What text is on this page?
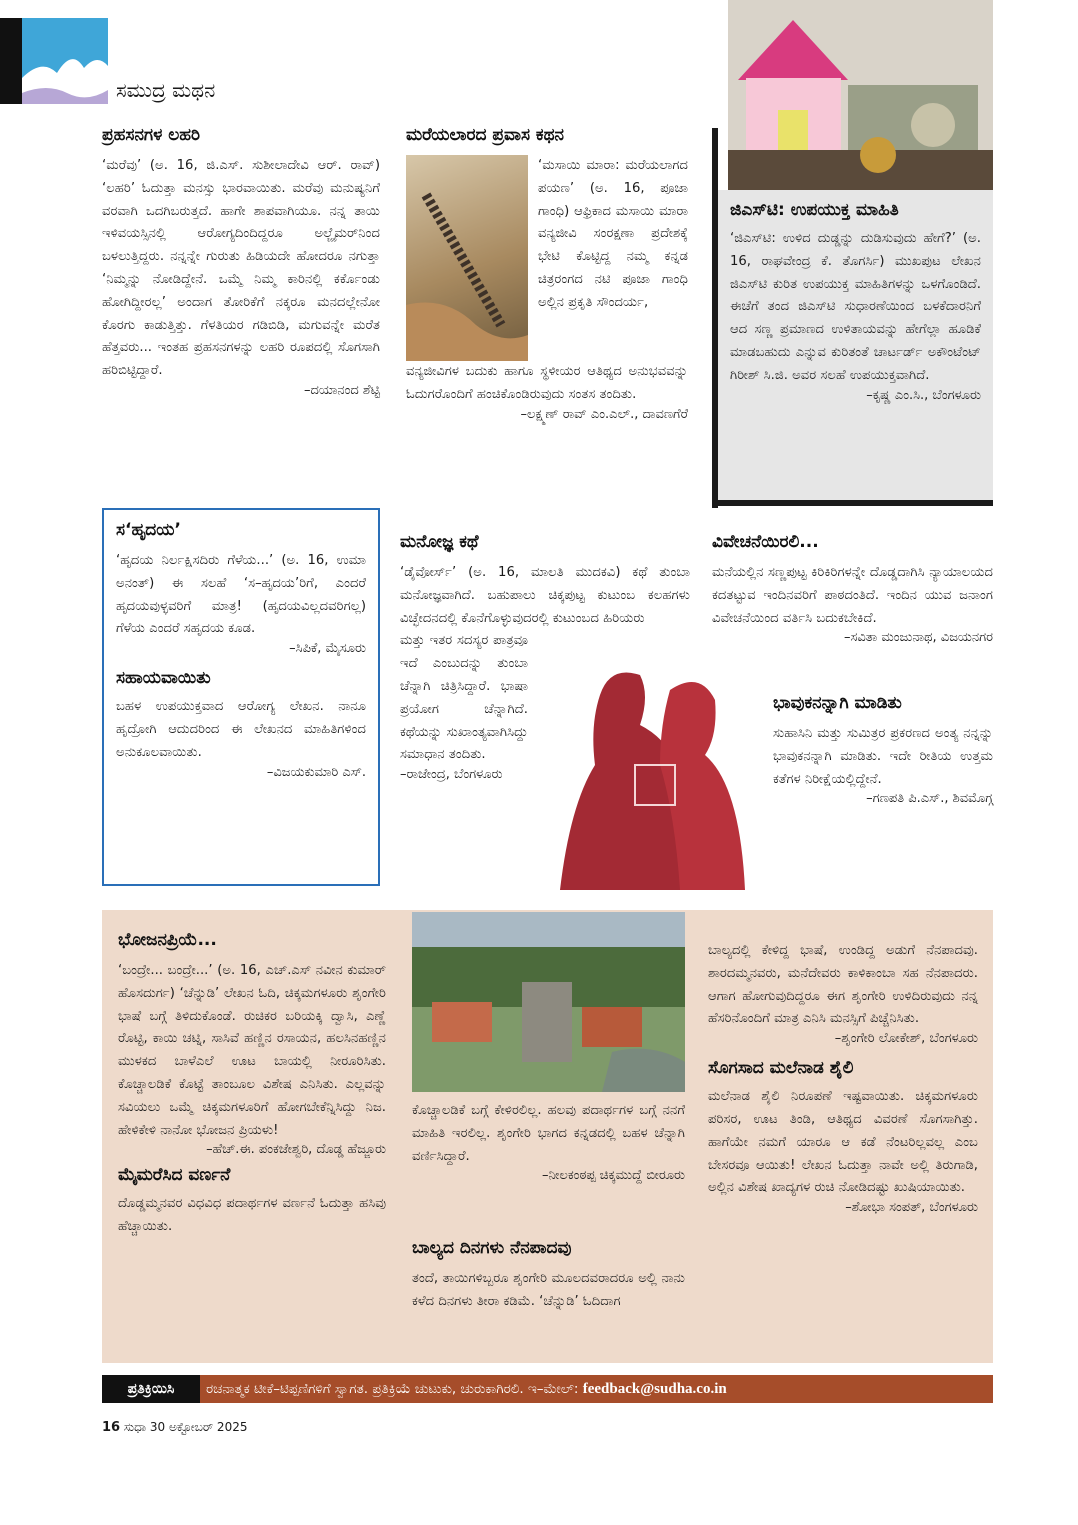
ಸಮುದ್ರ ಮಥನ

ಪ್ರಹಸನಗಳ ಲಹರಿ

‘ಮರೆವು’ (ಅ. 16, ಜಿ.ಎಸ್. ಸುಶೀಲಾದೇವಿ ಆರ್. ರಾವ್) ‘ಲಹರಿ’ ಓದುತ್ತಾ ಮನಸ್ಸು ಭಾರವಾಯಿತು. ಮರೆವು ಮನುಷ್ಯನಿಗೆ ವರವಾಗಿ ಒದಗಿಬರುತ್ತದೆ. ಹಾಗೇ ಶಾಪವಾಗಿಯೂ. ನನ್ನ ತಾಯಿ ಇಳಿವಯಸ್ಸಿನಲ್ಲಿ ಆರೋಗ್ಯದಿಂದಿದ್ದರೂ ಅಲ್ಜೈಮರ್‌ನಿಂದ ಬಳಲುತ್ತಿದ್ದರು. ನನ್ನನ್ನೇ ಗುರುತು ಹಿಡಿಯದೇ ಹೋದರೂ ನಗುತ್ತಾ ‘ನಿಮ್ಮನ್ನು ನೋಡಿದ್ದೇನೆ. ಒಮ್ಮೆ ನಿಮ್ಮ ಕಾರಿನಲ್ಲಿ ಕರ್ಕೊಂಡು ಹೋಗಿದ್ದೀರಲ್ಲ’ ಅಂದಾಗ ತೋರಿಕೆಗೆ ನಕ್ಕರೂ ಮನದಲ್ಲೇನೋ ಕೊರಗು ಕಾಡುತ್ತಿತ್ತು. ಗೆಳತಿಯರ ಗಡಿಬಿಡಿ, ಮಗುವನ್ನೇ ಮರೆತ ಹೆತ್ತವರು... ಇಂತಹ ಪ್ರಹಸನಗಳನ್ನು ಲಹರಿ ರೂಪದಲ್ಲಿ ಸೊಗಸಾಗಿ ಹರಿಬಿಟ್ಟಿದ್ದಾರೆ.

–ದಯಾನಂದ ಶೆಟ್ಟಿ

ಮರೆಯಲಾರದ ಪ್ರವಾಸ ಕಥನ

‘ಮಸಾಯಿ ಮಾರಾ: ಮರೆಯಲಾಗದ ಪಯಣ’ (ಅ. 16, ಪೂಜಾ ಗಾಂಧಿ) ಆಫ್ರಿಕಾದ ಮಸಾಯಿ ಮಾರಾ ವನ್ಯಜೀವಿ ಸಂರಕ್ಷಣಾ ಪ್ರದೇಶಕ್ಕೆ ಭೇಟಿ ಕೊಟ್ಟಿದ್ದ ನಮ್ಮ ಕನ್ನಡ ಚಿತ್ರರಂಗದ ನಟಿ ಪೂಜಾ ಗಾಂಧಿ ಅಲ್ಲಿನ ಪ್ರಕೃತಿ ಸೌಂದರ್ಯ,

ವನ್ಯಜೀವಿಗಳ ಬದುಕು ಹಾಗೂ ಸ್ಥಳೀಯರ ಆತಿಥ್ಯದ ಅನುಭವವನ್ನು ಓದುಗರೊಂದಿಗೆ ಹಂಚಿಕೊಂಡಿರುವುದು ಸಂತಸ ತಂದಿತು.

–ಲಕ್ಷ್ಮಣ್ ರಾವ್ ಎಂ.ಎಲ್., ದಾವಣಗೆರೆ

ಜಿಎಸ್‌ಟಿ: ಉಪಯುಕ್ತ ಮಾಹಿತಿ

‘ಜಿಎಸ್‌ಟಿ: ಉಳಿದ ದುಡ್ಡನ್ನು ದುಡಿಸುವುದು ಹೇಗೆ?’ (ಅ. 16, ರಾಘವೇಂದ್ರ ಕೆ. ತೊಗರ್ಸಿ) ಮುಖಪುಟ ಲೇಖನ ಜಿಎಸ್‌ಟಿ ಕುರಿತ ಉಪಯುಕ್ತ ಮಾಹಿತಿಗಳನ್ನು ಒಳಗೊಂಡಿದೆ. ಈಚೆಗೆ ತಂದ ಜಿಎಸ್‌ಟಿ ಸುಧಾರಣೆಯಿಂದ ಬಳಕೆದಾರನಿಗೆ ಆದ ಸಣ್ಣ ಪ್ರಮಾಣದ ಉಳಿತಾಯವನ್ನು ಹೇಗೆಲ್ಲಾ ಹೂಡಿಕೆ ಮಾಡಬಹುದು ಎನ್ನುವ ಕುರಿತಂತೆ ಚಾರ್ಟರ್ಡ್ ಅಕೌಂಟೆಂಟ್ ಗಿರೀಶ್ ಸಿ.ಜಿ. ಅವರ ಸಲಹೆ ಉಪಯುಕ್ತವಾಗಿದೆ.

–ಕೃಷ್ಣ ಎಂ.ಸಿ., ಬೆಂಗಳೂರು

ಸ‘ಹೃದಯ’

‘ಹೃದಯ ನಿರ್ಲಕ್ಷಿಸದಿರು ಗೆಳೆಯ...’ (ಅ. 16, ಉಮಾ ಅನಂತ್) ಈ ಸಲಹೆ ‘ಸ–ಹೃದಯ’ರಿಗೆ, ಎಂದರೆ ಹೃದಯವುಳ್ಳವರಿಗೆ ಮಾತ್ರ! (ಹೃದಯವಿಲ್ಲದವರಿಗಲ್ಲ) ಗೆಳೆಯ ಎಂದರೆ ಸಹೃದಯ ಕೂಡ.

–ಸಿಪಿಕೆ, ಮೈಸೂರು

ಸಹಾಯವಾಯಿತು

ಬಹಳ ಉಪಯುಕ್ತವಾದ ಆರೋಗ್ಯ ಲೇಖನ. ನಾನೂ ಹೃದ್ರೋಗಿ ಆದುದರಿಂದ ಈ ಲೇಖನದ ಮಾಹಿತಿಗಳಿಂದ ಅನುಕೂಲವಾಯಿತು.

–ವಿಜಯಕುಮಾರಿ ಎಸ್.

ಮನೋಜ್ಞ ಕಥೆ

‘ಡೈವೋರ್ಸ್’ (ಅ. 16, ಮಾಲತಿ ಮುದಕವಿ) ಕಥೆ ತುಂಬಾ ಮನೋಜ್ಞವಾಗಿದೆ. ಬಹುಪಾಲು ಚಿಕ್ಕಪುಟ್ಟ ಕುಟುಂಬ ಕಲಹಗಳು ವಿಚ್ಛೇದನದಲ್ಲಿ ಕೊನೆಗೊಳ್ಳುವುದರಲ್ಲಿ ಕುಟುಂಬದ ಹಿರಿಯರು

ಮತ್ತು ಇತರ ಸದಸ್ಯರ ಪಾತ್ರವೂ ಇದೆ ಎಂಬುದನ್ನು ತುಂಬಾ ಚೆನ್ನಾಗಿ ಚಿತ್ರಿಸಿದ್ದಾರೆ. ಭಾಷಾ ಪ್ರಯೋಗ ಚೆನ್ನಾಗಿದೆ. ಕಥೆಯನ್ನು ಸುಖಾಂತ್ಯವಾಗಿಸಿದ್ದು ಸಮಾಧಾನ ತಂದಿತು.

–ರಾಜೇಂದ್ರ, ಬೆಂಗಳೂರು

ವಿವೇಚನೆಯಿರಲಿ...

ಮನೆಯಲ್ಲಿನ ಸಣ್ಣಪುಟ್ಟ ಕಿರಿಕಿರಿಗಳನ್ನೇ ದೊಡ್ಡದಾಗಿಸಿ ನ್ಯಾಯಾಲಯದ ಕದತಟ್ಟುವ ಇಂದಿನವರಿಗೆ ಪಾಠದಂತಿದೆ. ಇಂದಿನ ಯುವ ಜನಾಂಗ ವಿವೇಚನೆಯಿಂದ ವರ್ತಿಸಿ ಬದುಕಬೇಕಿದೆ.

–ಸವಿತಾ ಮಂಜುನಾಥ, ವಿಜಯನಗರ

ಭಾವುಕನನ್ನಾಗಿ ಮಾಡಿತು

ಸುಹಾಸಿನಿ ಮತ್ತು ಸುಮಿತ್ರರ ಪ್ರಕರಣದ ಅಂತ್ಯ ನನ್ನನ್ನು ಭಾವುಕನನ್ನಾಗಿ ಮಾಡಿತು. ಇದೇ ರೀತಿಯ ಉತ್ತಮ ಕತೆಗಳ ನಿರೀಕ್ಷೆಯಲ್ಲಿದ್ದೇನೆ.

–ಗಣಪತಿ ಪಿ.ಎಸ್., ಶಿವಮೊಗ್ಗ

ಭೋಜನಪ್ರಿಯೆ...

‘ಬಂದ್ರೇ... ಬಂದ್ರೇ...’ (ಅ. 16, ಎಚ್.ಎಸ್ ನವೀನ ಕುಮಾರ್ ಹೊಸದುರ್ಗ) ‘ಚೆನ್ನುಡಿ’ ಲೇಖನ ಓದಿ, ಚಿಕ್ಕಮಗಳೂರು ಶೃಂಗೇರಿ ಭಾಷೆ ಬಗ್ಗೆ ತಿಳಿದುಕೊಂಡೆ. ರುಚಿಕರ ಬರಿಯಕ್ಕಿ ದ್ವಾಸಿ, ಎಣ್ಣೆ ರೊಟ್ಟಿ, ಕಾಯಿ ಚಟ್ನಿ, ಸಾಸಿವೆ ಹಣ್ಣಿನ ರಸಾಯನ, ಹಲಸಿನಹಣ್ಣಿನ ಮುಳಕದ ಬಾಳೆಎಲೆ ಊಟ ಬಾಯಲ್ಲಿ ನೀರೂರಿಸಿತು. ಕೊಚ್ಚಾಲಡಿಕೆ ಕೊಟ್ಟೆ ತಾಂಬೂಲ ವಿಶೇಷ ಎನಿಸಿತು. ಎಲ್ಲವನ್ನು ಸವಿಯಲು ಒಮ್ಮೆ ಚಿಕ್ಕಮಗಳೂರಿಗೆ ಹೋಗಬೇಕೆನ್ನಿಸಿದ್ದು ನಿಜ. ಹೇಳಿಕೇಳಿ ನಾನೋ ಭೋಜನ ಪ್ರಿಯಳು!

–ಹೆಚ್.ಈ. ಪಂಕಜೇಶ್ವರಿ, ದೊಡ್ಡ ಹೆಜ್ಜೂರು

ಮೈಮರೆಸಿದ ವರ್ಣನೆ

ದೊಡ್ಡಮ್ಮನವರ ವಿಧವಿಧ ಪದಾರ್ಥಗಳ ವರ್ಣನೆ ಓದುತ್ತಾ ಹಸಿವು ಹೆಚ್ಚಾಯಿತು.

ಕೊಚ್ಚಾಲಡಿಕೆ ಬಗ್ಗೆ ಕೇಳಿರಲಿಲ್ಲ. ಹಲವು ಪದಾರ್ಥಗಳ ಬಗ್ಗೆ ನನಗೆ ಮಾಹಿತಿ ಇರಲಿಲ್ಲ. ಶೃಂಗೇರಿ ಭಾಗದ ಕನ್ನಡದಲ್ಲಿ ಬಹಳ ಚೆನ್ನಾಗಿ ವರ್ಣಿಸಿದ್ದಾರೆ.

–ನೀಲಕಂಠಪ್ಪ ಚಿಕ್ಕಮುದ್ದೆ ಬೀರೂರು

ಬಾಲ್ಯದ ದಿನಗಳು ನೆನಪಾದವು

ತಂದೆ, ತಾಯಿಗಳಿಬ್ಬರೂ ಶೃಂಗೇರಿ ಮೂಲದವರಾದರೂ ಅಲ್ಲಿ ನಾನು ಕಳೆದ ದಿನಗಳು ತೀರಾ ಕಡಿಮೆ. ‘ಚೆನ್ನುಡಿ’ ಓದಿದಾಗ

ಬಾಲ್ಯದಲ್ಲಿ ಕೇಳಿದ್ದ ಭಾಷೆ, ಉಂಡಿದ್ದ ಅಡುಗೆ ನೆನಪಾದವು. ಶಾರದಮ್ಮನವರು, ಮನೆದೇವರು ಕಾಳಿಕಾಂಬಾ ಸಹ ನೆನಪಾದರು. ಆಗಾಗ ಹೋಗುವುದಿದ್ದರೂ ಈಗ ಶೃಂಗೇರಿ ಉಳಿದಿರುವುದು ನನ್ನ ಹೆಸರಿನೊಂದಿಗೆ ಮಾತ್ರ ಎನಿಸಿ ಮನಸ್ಸಿಗೆ ಪಿಚ್ಚೆನಿಸಿತು.

–ಶೃಂಗೇರಿ ಲೋಕೇಶ್, ಬೆಂಗಳೂರು

ಸೊಗಸಾದ ಮಲೆನಾಡ ಶೈಲಿ

ಮಲೆನಾಡ ಶೈಲಿ ನಿರೂಪಣೆ ಇಷ್ಟವಾಯಿತು. ಚಿಕ್ಕಮಗಳೂರು ಪರಿಸರ, ಊಟ ತಿಂಡಿ, ಆತಿಥ್ಯದ ವಿವರಣೆ ಸೊಗಸಾಗಿತ್ತು. ಹಾಗೆಯೇ ನಮಗೆ ಯಾರೂ ಆ ಕಡೆ ನೆಂಟರಿಲ್ಲವಲ್ಲ ಎಂಬ ಬೇಸರವೂ ಆಯಿತು! ಲೇಖನ ಓದುತ್ತಾ ನಾವೇ ಅಲ್ಲಿ ತಿರುಗಾಡಿ, ಅಲ್ಲಿನ ವಿಶೇಷ ಖಾದ್ಯಗಳ ರುಚಿ ನೋಡಿದಷ್ಟು ಖುಷಿಯಾಯಿತು.

–ಶೋಭಾ ಸಂಪತ್, ಬೆಂಗಳೂರು

ಪ್ರತಿಕ್ರಿಯಿಸಿ	ರಚನಾತ್ಮಕ ಟೀಕೆ–ಟಿಪ್ಪಣಿಗಳಿಗೆ ಸ್ವಾಗತ. ಪ್ರತಿಕ್ರಿಯೆ ಚುಟುಕು, ಚುರುಕಾಗಿರಲಿ. ಇ–ಮೇಲ್: feedback@sudha.co.in
16 ಸುಧಾ 30 ಅಕ್ಟೋಬರ್ 2025
